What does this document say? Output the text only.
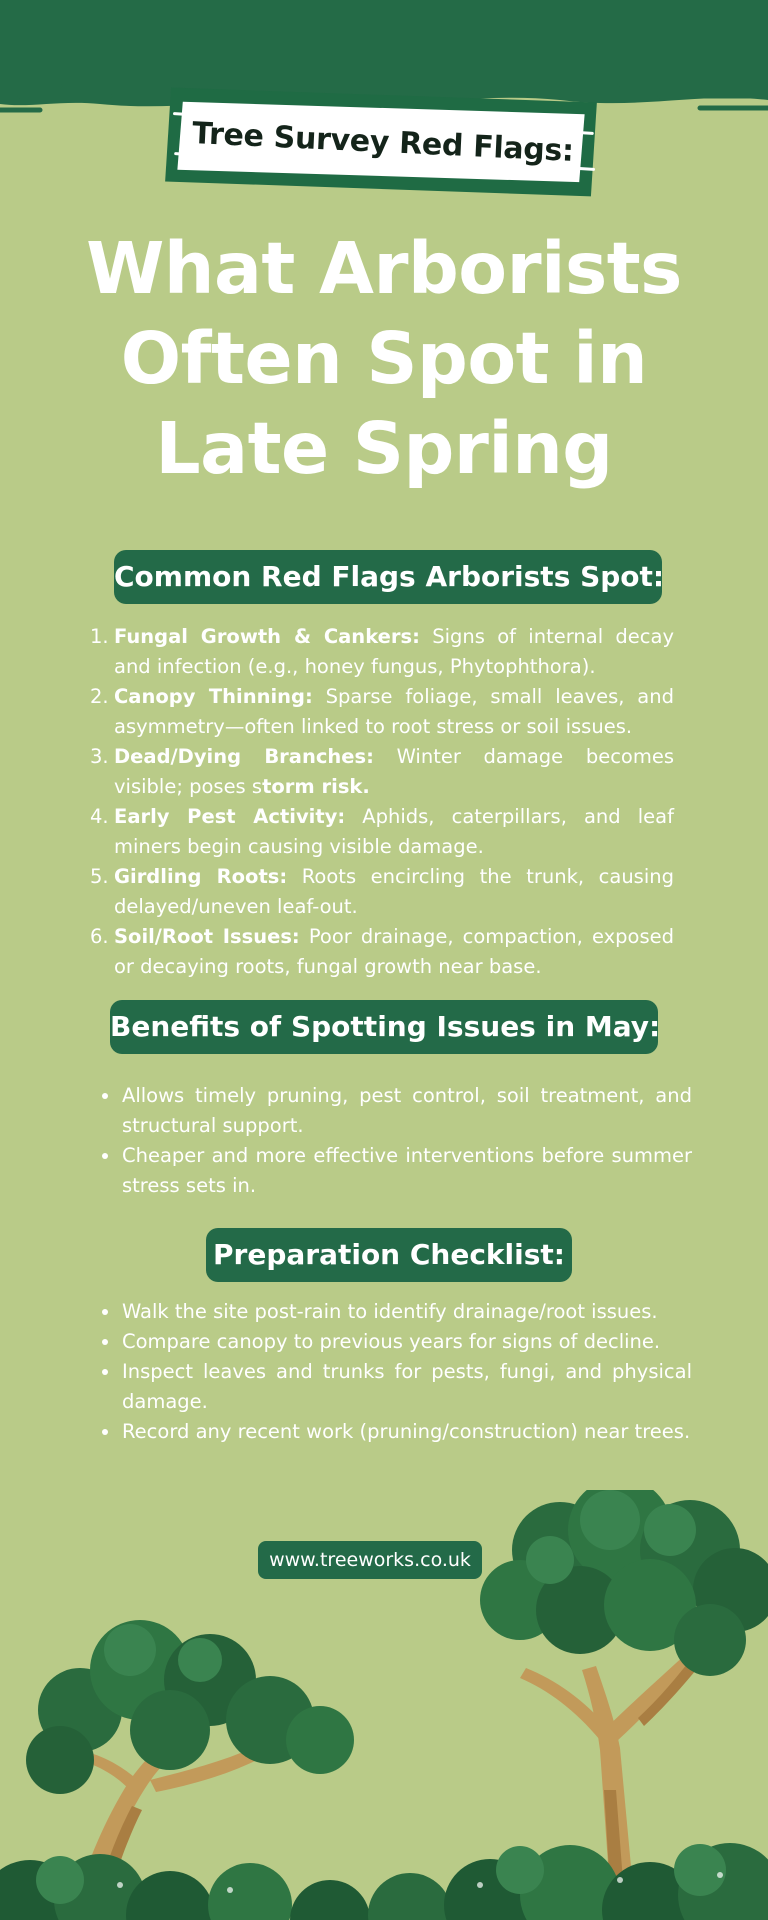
Tree Survey Red Flags:
What Arborists
Often Spot in
Late Spring
Common Red Flags Arborists Spot:
1. Fungal Growth & Cankers: Signs of internal decay and infection (e.g., honey fungus, Phytophthora).
2. Canopy Thinning: Sparse foliage, small leaves, and asymmetry—often linked to root stress or soil issues.
3. Dead/Dying Branches: Winter damage becomes visible; poses storm risk.
4. Early Pest Activity: Aphids, caterpillars, and leaf miners begin causing visible damage.
5. Girdling Roots: Roots encircling the trunk, causing delayed/uneven leaf-out.
6. Soil/Root Issues: Poor drainage, compaction, exposed or decaying roots, fungal growth near base.
Benefits of Spotting Issues in May:
Allows timely pruning, pest control, soil treatment, and structural support.
Cheaper and more effective interventions before summer stress sets in.
Preparation Checklist:
Walk the site post-rain to identify drainage/root issues.
Compare canopy to previous years for signs of decline.
Inspect leaves and trunks for pests, fungi, and physical damage.
Record any recent work (pruning/construction) near trees.
www.treeworks.co.uk
